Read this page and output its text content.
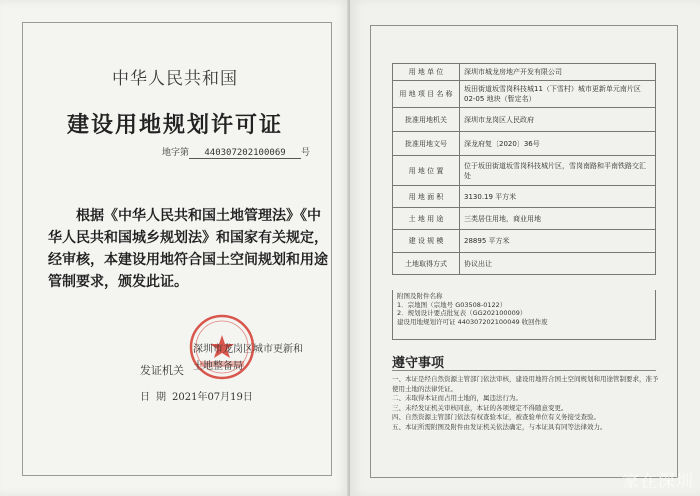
中华人民共和国
建设用地规划许可证
地字第 440307202100069 号
根据《中华人民共和国土地管理法》《中华人民共和国城乡规划法》和国家有关规定，经审核，本建设用地符合国土空间规划和用途管制要求，颁发此证。
深圳市龙岗区城市更新和土地整备局
发证机关
日 期 2021年07月19日
用 地 单 位	深圳市城龙房地产开发有限公司
用 地 项 目 名 称	坂田街道坂雪岗科技城11（下雪村）城市更新单元南片区 02-05 地块（暂定名）
批准用地机关	深圳市龙岗区人民政府
批准用地文号	深龙府复〔2020〕36号
用 地 位 置	位于坂田街道坂雪岗科技城片区，雪岗南路和平南铁路交汇处
用 地 面 积	3130.19 平方米
土 地 用 途	三类居住用地，商业用地
建 设 规 模	28895 平方米
土地取得方式	协议出让
附图及附件名称
1．宗地图（宗地号 G03508-0122）
2．规划设计要点批复表（GG202100009）
建设用地规划许可证 440307202100049 收回作废
遵守事项
一、本证是经自然资源主管部门依法审核，建设用地符合国土空间规划和用途管制要求，准予使用土地的法律凭证。
二、未取得本证而占用土地的，属违法行为。
三、未经发证机关审核同意，本证的各项规定不得随意变更。
四、自然资源主管部门依法有权查验本证，被查验单位有义务接受查验。
五、本证所需附图及附件由发证机关依法确定，与本证具有同等法律效力。
家在深圳
